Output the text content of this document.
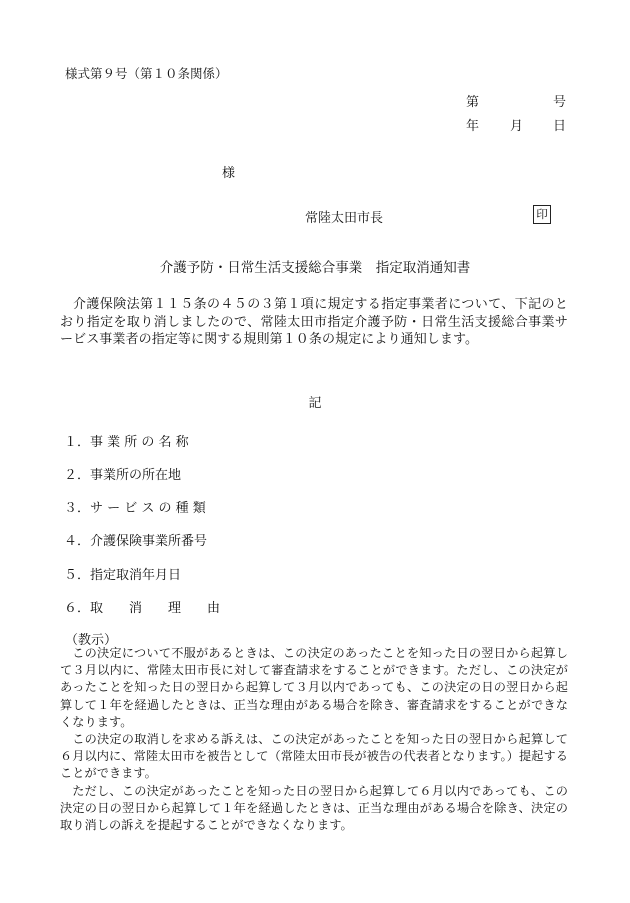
様式第９号（第１０条関係）
第	号
年 月 日
様
常陸太田市長	印
介護予防・日常生活支援総合事業　指定取消通知書
介護保険法第１１５条の４５の３第１項に規定する指定事業者について、下記のとおり指定を取り消しましたので、常陸太田市指定介護予防・日常生活支援総合事業サービス事業者の指定等に関する規則第１０条の規定により通知します。
記
１．事 業 所 の 名 称
２．事業所の所在地
３．サ ー ビ ス の 種 類
４．介護保険事業所番号
５．指定取消年月日
６．取　　消　　理　　由
（教示）
この決定について不服があるときは、この決定のあったことを知った日の翌日から起算して３月以内に、常陸太田市長に対して審査請求をすることができます。ただし、この決定があったことを知った日の翌日から起算して３月以内であっても、この決定の日の翌日から起算して１年を経過したときは、正当な理由がある場合を除き、審査請求をすることができなくなります。
この決定の取消しを求める訴えは、この決定があったことを知った日の翌日から起算して６月以内に、常陸太田市を被告として（常陸太田市長が被告の代表者となります。）提起することができます。
ただし、この決定があったことを知った日の翌日から起算して６月以内であっても、この決定の日の翌日から起算して１年を経過したときは、正当な理由がある場合を除き、決定の取り消しの訴えを提起することができなくなります。
